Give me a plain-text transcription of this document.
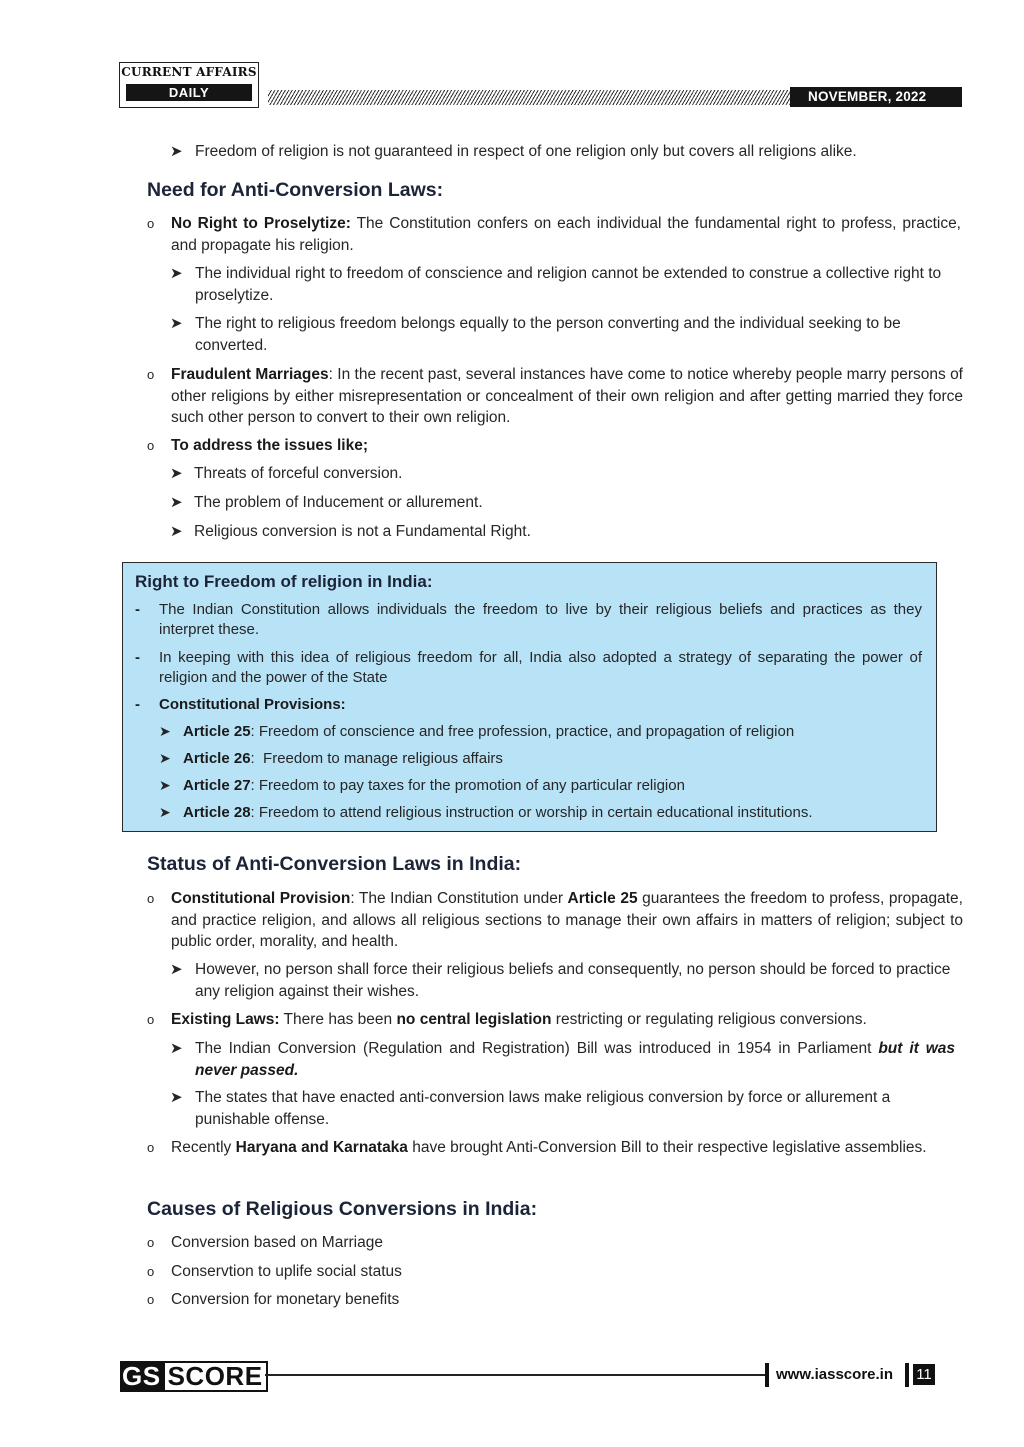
CURRENT AFFAIRS
DAILY	NOVEMBER, 2022
➤ Freedom of religion is not guaranteed in respect of one religion only but covers all religions alike.
Need for Anti-Conversion Laws:
o No Right to Proselytize: The Constitution confers on each individual the fundamental right to profess, practice, and propagate his religion.
➤ The individual right to freedom of conscience and religion cannot be extended to construe a collective right to proselytize.
➤ The right to religious freedom belongs equally to the person converting and the individual seeking to be converted.
o Fraudulent Marriages: In the recent past, several instances have come to notice whereby people marry persons of other religions by either misrepresentation or concealment of their own religion and after getting married they force such other person to convert to their own religion.
o To address the issues like;
➤ Threats of forceful conversion.
➤ The problem of Inducement or allurement.
➤ Religious conversion is not a Fundamental Right.
Right to Freedom of religion in India:
- The Indian Constitution allows individuals the freedom to live by their religious beliefs and practices as they interpret these.
- In keeping with this idea of religious freedom for all, India also adopted a strategy of separating the power of religion and the power of the State
- Constitutional Provisions:
➤ Article 25: Freedom of conscience and free profession, practice, and propagation of religion
➤ Article 26:  Freedom to manage religious affairs
➤ Article 27: Freedom to pay taxes for the promotion of any particular religion
➤ Article 28: Freedom to attend religious instruction or worship in certain educational institutions.
Status of Anti-Conversion Laws in India:
o Constitutional Provision: The Indian Constitution under Article 25 guarantees the freedom to profess, propagate, and practice religion, and allows all religious sections to manage their own affairs in matters of religion; subject to public order, morality, and health.
➤ However, no person shall force their religious beliefs and consequently, no person should be forced to practice any religion against their wishes.
o Existing Laws: There has been no central legislation restricting or regulating religious conversions.
➤ The Indian Conversion (Regulation and Registration) Bill was introduced in 1954 in Parliament but it was never passed.
➤ The states that have enacted anti-conversion laws make religious conversion by force or allurement a punishable offense.
o Recently Haryana and Karnataka have brought Anti-Conversion Bill to their respective legislative assemblies.
Causes of Religious Conversions in India:
o Conversion based on Marriage
o Conservtion to uplife social status
o Conversion for monetary benefits
GS SCORE	www.iasscore.in 11
